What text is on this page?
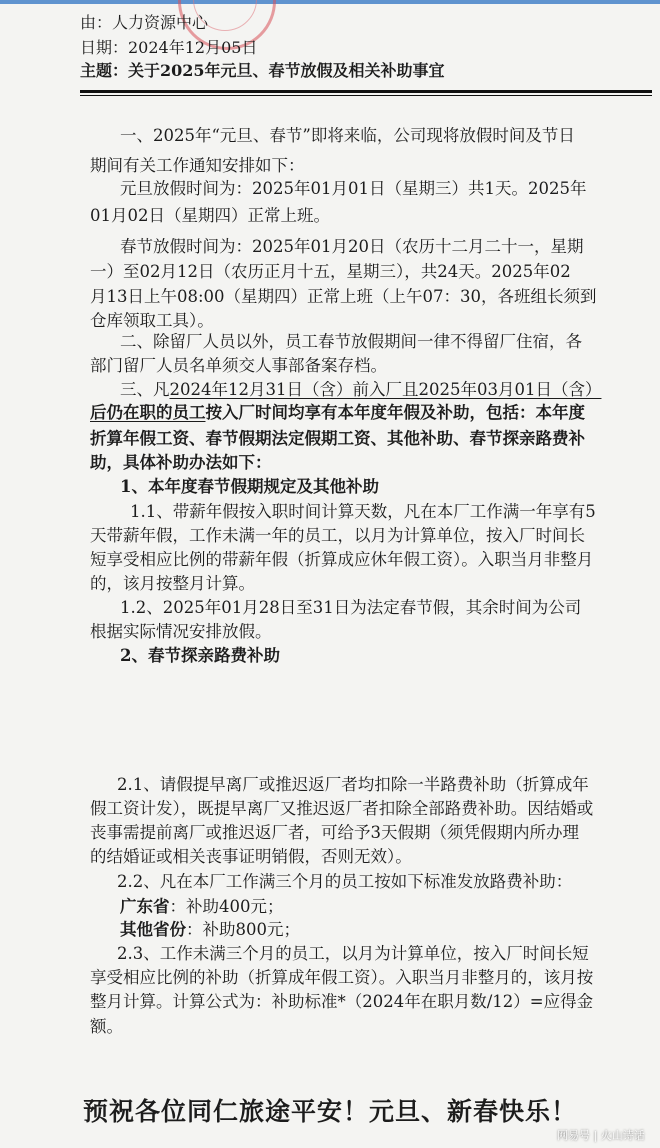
由：人力资源中心
日期：2024年12月05日
主题：关于2025年元旦、春节放假及相关补助事宜
一、2025年“元旦、春节”即将来临，公司现将放假时间及节日
期间有关工作通知安排如下：
元旦放假时间为：2025年01月01日（星期三）共1天。2025年
01月02日（星期四）正常上班。
春节放假时间为：2025年01月20日（农历十二月二十一，星期
一）至02月12日（农历正月十五，星期三），共24天。2025年02
月13日上午08:00（星期四）正常上班（上午07：30，各班组长须到
仓库领取工具）。
二、除留厂人员以外，员工春节放假期间一律不得留厂住宿，各
部门留厂人员名单须交人事部备案存档。
三、凡2024年12月31日（含）前入厂且2025年03月01日（含）
后仍在职的员工按入厂时间均享有本年度年假及补助，包括：本年度
折算年假工资、春节假期法定假期工资、其他补助、春节探亲路费补
助，具体补助办法如下：
1、本年度春节假期规定及其他补助
1.1、带薪年假按入职时间计算天数，凡在本厂工作满一年享有5
天带薪年假，工作未满一年的员工，以月为计算单位，按入厂时间长
短享受相应比例的带薪年假（折算成应休年假工资）。入职当月非整月
的，该月按整月计算。
1.2、2025年01月28日至31日为法定春节假，其余时间为公司
根据实际情况安排放假。
2、春节探亲路费补助
2.1、请假提早离厂或推迟返厂者均扣除一半路费补助（折算成年
假工资计发），既提早离厂又推迟返厂者扣除全部路费补助。因结婚或
丧事需提前离厂或推迟返厂者，可给予3天假期（须凭假期内所办理
的结婚证或相关丧事证明销假，否则无效）。
2.2、凡在本厂工作满三个月的员工按如下标准发放路费补助：
广东省：补助400元；
其他省份：补助800元；
2.3、工作未满三个月的员工，以月为计算单位，按入厂时间长短
享受相应比例的补助（折算成年假工资）。入职当月非整月的，该月按
整月计算。计算公式为：补助标准*（2024年在职月数/12）=应得金
额。
预祝各位同仁旅途平安！元旦、新春快乐！
网易号 | 火山诗话
